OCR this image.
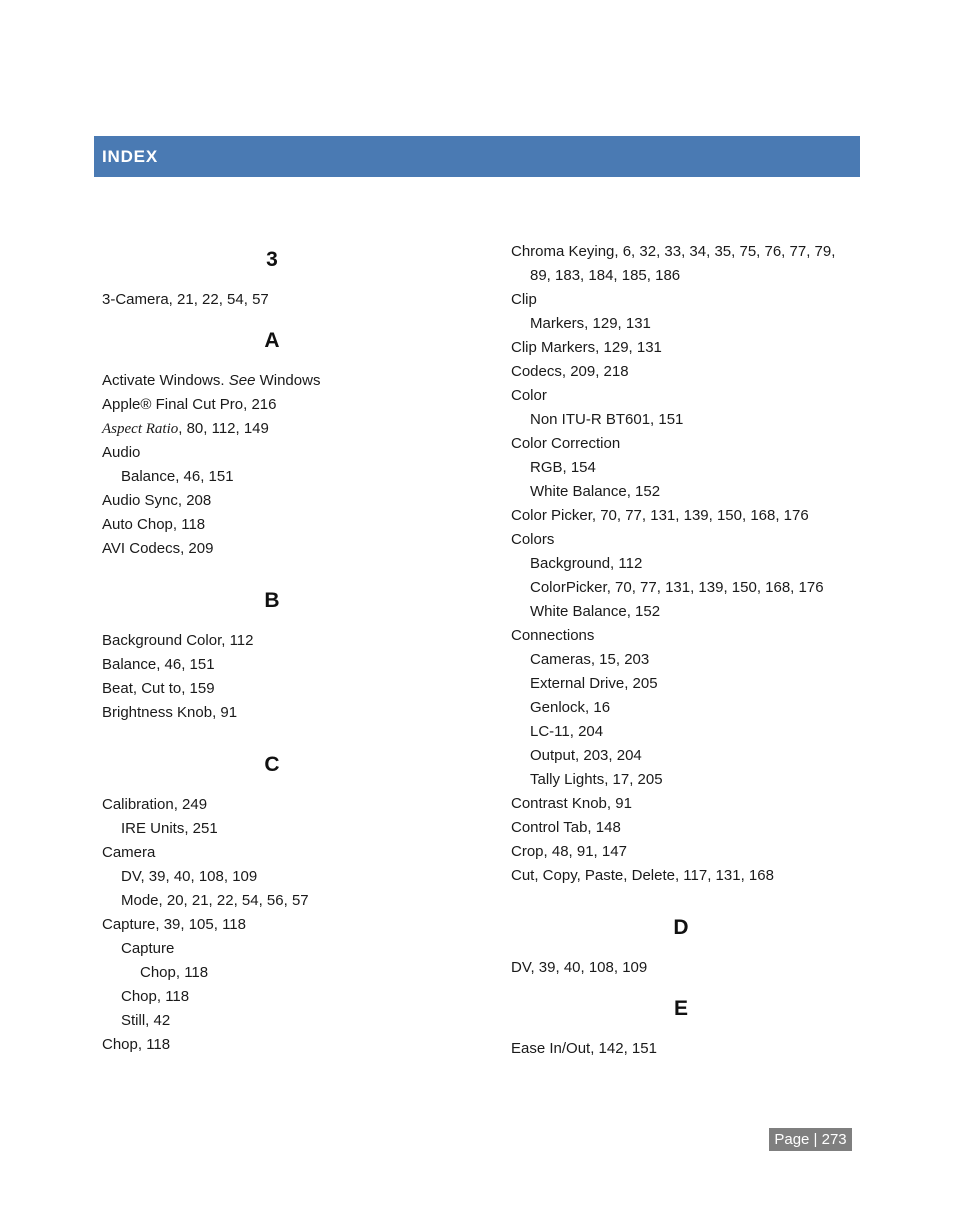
INDEX
3
3-Camera, 21, 22, 54, 57
A
Activate Windows. See Windows
Apple® Final Cut Pro, 216
Aspect Ratio, 80, 112, 149
Audio
Balance, 46, 151
Audio Sync, 208
Auto Chop, 118
AVI Codecs, 209
B
Background Color, 112
Balance, 46, 151
Beat, Cut to, 159
Brightness Knob, 91
C
Calibration, 249
IRE Units, 251
Camera
DV, 39, 40, 108, 109
Mode, 20, 21, 22, 54, 56, 57
Capture, 39, 105, 118
Capture
Chop, 118
Chop, 118
Still, 42
Chop, 118
Chroma Keying, 6, 32, 33, 34, 35, 75, 76, 77, 79,
89, 183, 184, 185, 186
Clip
Markers, 129, 131
Clip Markers, 129, 131
Codecs, 209, 218
Color
Non ITU-R BT601, 151
Color Correction
RGB, 154
White Balance, 152
Color Picker, 70, 77, 131, 139, 150, 168, 176
Colors
Background, 112
ColorPicker, 70, 77, 131, 139, 150, 168, 176
White Balance, 152
Connections
Cameras, 15, 203
External Drive, 205
Genlock, 16
LC-11, 204
Output, 203, 204
Tally Lights, 17, 205
Contrast Knob, 91
Control Tab, 148
Crop, 48, 91, 147
Cut, Copy, Paste, Delete, 117, 131, 168
D
DV, 39, 40, 108, 109
E
Ease In/Out, 142, 151
Page | 273
